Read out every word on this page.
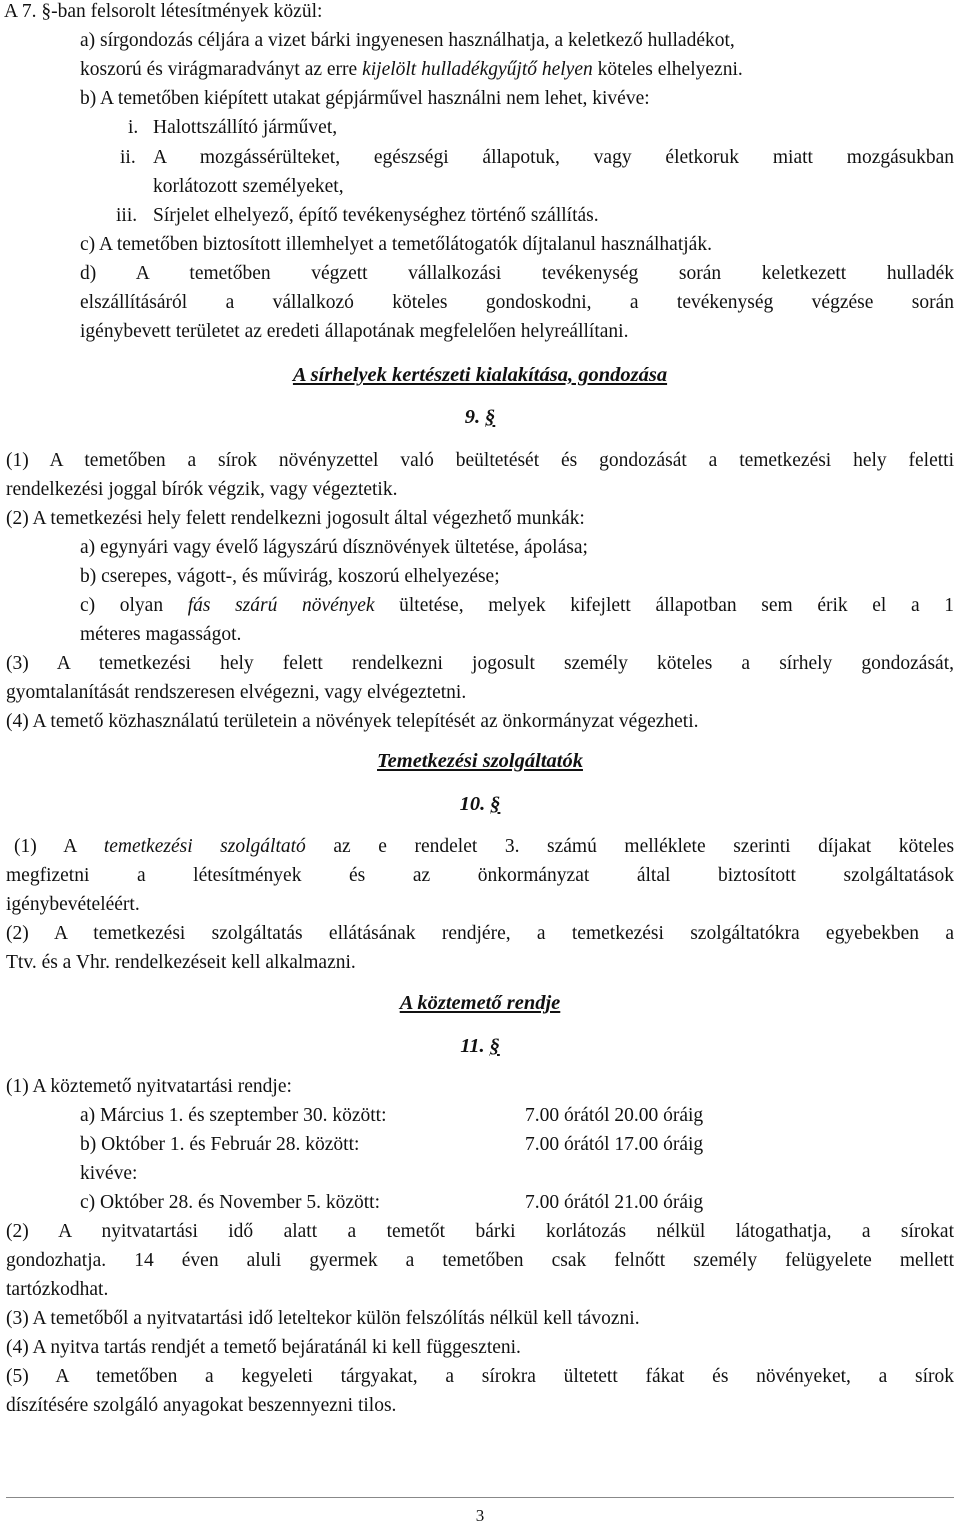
A 7. §-ban felsorolt létesítmények közül:
a) sírgondozás céljára a vizet bárki ingyenesen használhatja, a keletkező hulladékot,
koszorú és virágmaradványt az erre kijelölt hulladékgyűjtő helyen köteles elhelyezni.
b) A temetőben kiépített utakat gépjárművel használni nem lehet, kivéve:
i. Halottszállító járművet,
ii. A mozgássérülteket, egészségi állapotuk, vagy életkoruk miatt mozgásukban
korlátozott személyeket,
iii. Sírjelet elhelyező, építő tevékenységhez történő szállítás.
c) A temetőben biztosított illemhelyet a temetőlátogatók díjtalanul használhatják.
d) A temetőben végzett vállalkozási tevékenység során keletkezett hulladék
elszállításáról a vállalkozó köteles gondoskodni, a tevékenység végzése során
igénybevett területet az eredeti állapotának megfelelően helyreállítani.
A sírhelyek kertészeti kialakítása, gondozása
9. §
(1) A temetőben a sírok növényzettel való beültetését és gondozását a temetkezési hely feletti
rendelkezési joggal bírók végzik, vagy végeztetik.
(2) A temetkezési hely felett rendelkezni jogosult által végezhető munkák:
a) egynyári vagy évelő lágyszárú dísznövények ültetése, ápolása;
b) cserepes, vágott-, és művirág, koszorú elhelyezése;
c) olyan fás szárú növények ültetése, melyek kifejlett állapotban sem érik el a 1
méteres magasságot.
(3) A temetkezési hely felett rendelkezni jogosult személy köteles a sírhely gondozását,
gyomtalanítását rendszeresen elvégezni, vagy elvégeztetni.
(4) A temető közhasználatú területein a növények telepítését az önkormányzat végezheti.
Temetkezési szolgáltatók
10. §
(1) A temetkezési szolgáltató az e rendelet 3. számú melléklete szerinti díjakat köteles
megfizetni a létesítmények és az önkormányzat által biztosított szolgáltatások
igénybevételéért.
(2) A temetkezési szolgáltatás ellátásának rendjére, a temetkezési szolgáltatókra egyebekben a
Ttv. és a Vhr. rendelkezéseit kell alkalmazni.
A köztemető rendje
11. §
(1) A köztemető nyitvatartási rendje:
a) Március 1. és szeptember 30. között:	7.00 órától 20.00 óráig
b) Október 1. és Február 28. között:	7.00 órától 17.00 óráig
kivéve:
c) Október 28. és November 5. között:	7.00 órától 21.00 óráig
(2) A nyitvatartási idő alatt a temetőt bárki korlátozás nélkül látogathatja, a sírokat
gondozhatja. 14 éven aluli gyermek a temetőben csak felnőtt személy felügyelete mellett
tartózkodhat.
(3) A temetőből a nyitvatartási idő leteltekor külön felszólítás nélkül kell távozni.
(4) A nyitva tartás rendjét a temető bejáratánál ki kell függeszteni.
(5) A temetőben a kegyeleti tárgyakat, a sírokra ültetett fákat és növényeket, a sírok
díszítésére szolgáló anyagokat beszennyezni tilos.
3
